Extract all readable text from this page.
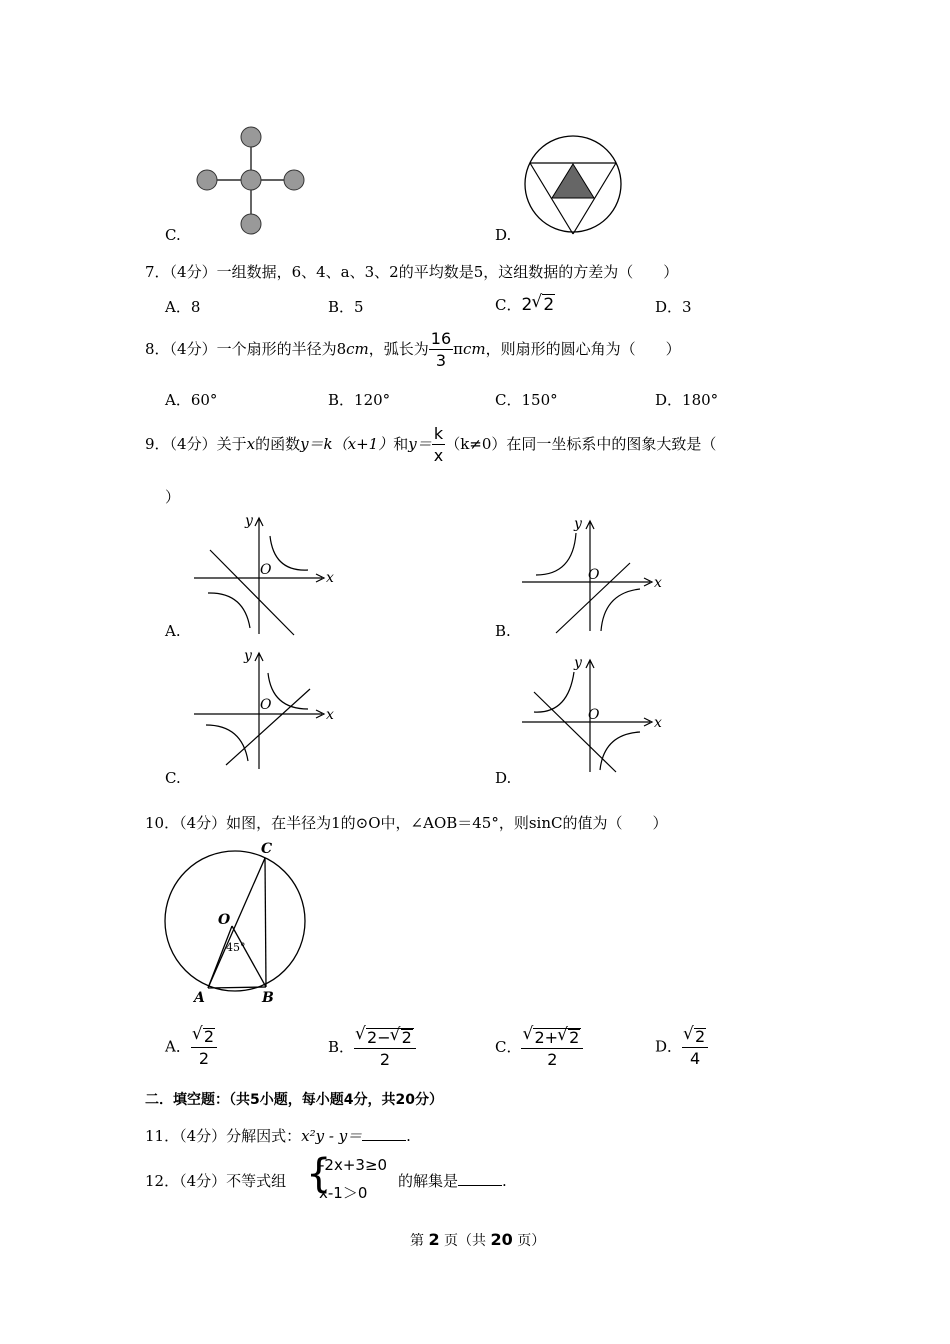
C.	D.
7．（4分）一组数据，6、4、a、3、2的平均数是5，这组数据的方差为（　　）
A．8	B．5	C．2 √ 2	D．3
8．（4分）一个扇形的半径为8cm，弧长为 $\frac{16}{3}$ πcm，则扇形的圆心角为（　　）
A．60°	B．120°	C．150°	D．180°
9．（4分）关于x的函数y＝k（x+1）和$y= \frac{k}{x} (k\ne 0)$在同一坐标系中的图象大致是（
）
y
x
O
A.
y
x
O
B.
y
x
O
C.
y
x
O
D.
10．（4分）如图，在半径为1的⊙O中，∠AOB＝45°，则sinC的值为（　　）
C
O
45°
A	B
A． √ $\frac{2}{2}$	B． √ $\frac{2- √ 2}{2}$	C． √ $\frac{2+ √ 2}{2}$	D． √ $\frac{2}{4}$
二．填空题：（共5小题，每小题4分，共20分）
11．（4分）分解因式：x²y - y＝	.
12．（4分）不等式组 {
-2x+3≥0
x-1＞0
的解集是	.
第 2 页（共 20 页）
